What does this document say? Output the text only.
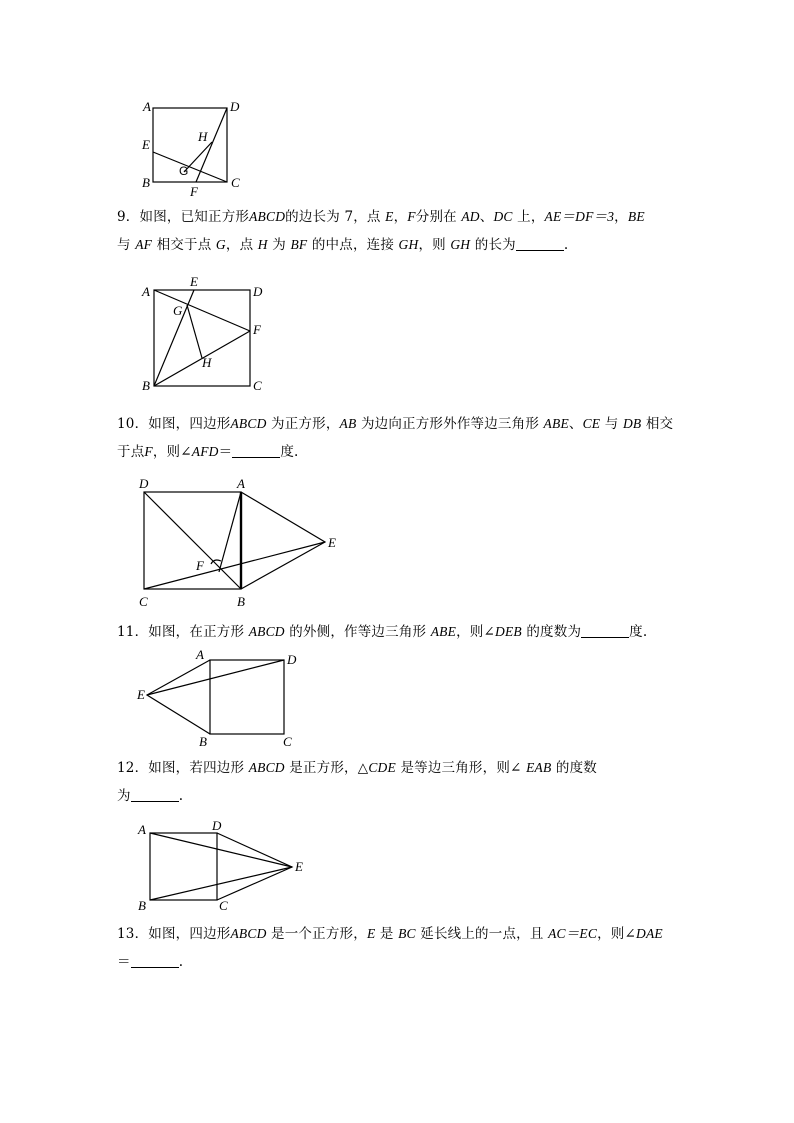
A	D
E
H
G
B
F
C
9．如图，已知正方形ABCD的边长为 7，点 E，F分别在 AD、DC 上，AE＝DF＝3，BE
与 AF 相交于点 G，点 H 为 BF 的中点，连接 GH，则 GH 的长为	.
A
E
D
G
F
H
B	C
10．如图，四边形ABCD 为正方形，AB 为边向正方形外作等边三角形 ABE、CE 与 DB 相交
于点F，则∠AFD＝	度.
D	A
E
F
C	B
11．如图，在正方形 ABCD 的外侧，作等边三角形 ABE，则∠DEB 的度数为	度.
A	D
E
B	C
12．如图，若四边形 ABCD 是正方形，△CDE 是等边三角形，则∠ EAB 的度数
为	.
A	D
E
B	C
13．如图，四边形ABCD 是一个正方形，E 是 BC 延长线上的一点，且 AC＝EC，则∠DAE
＝	.
